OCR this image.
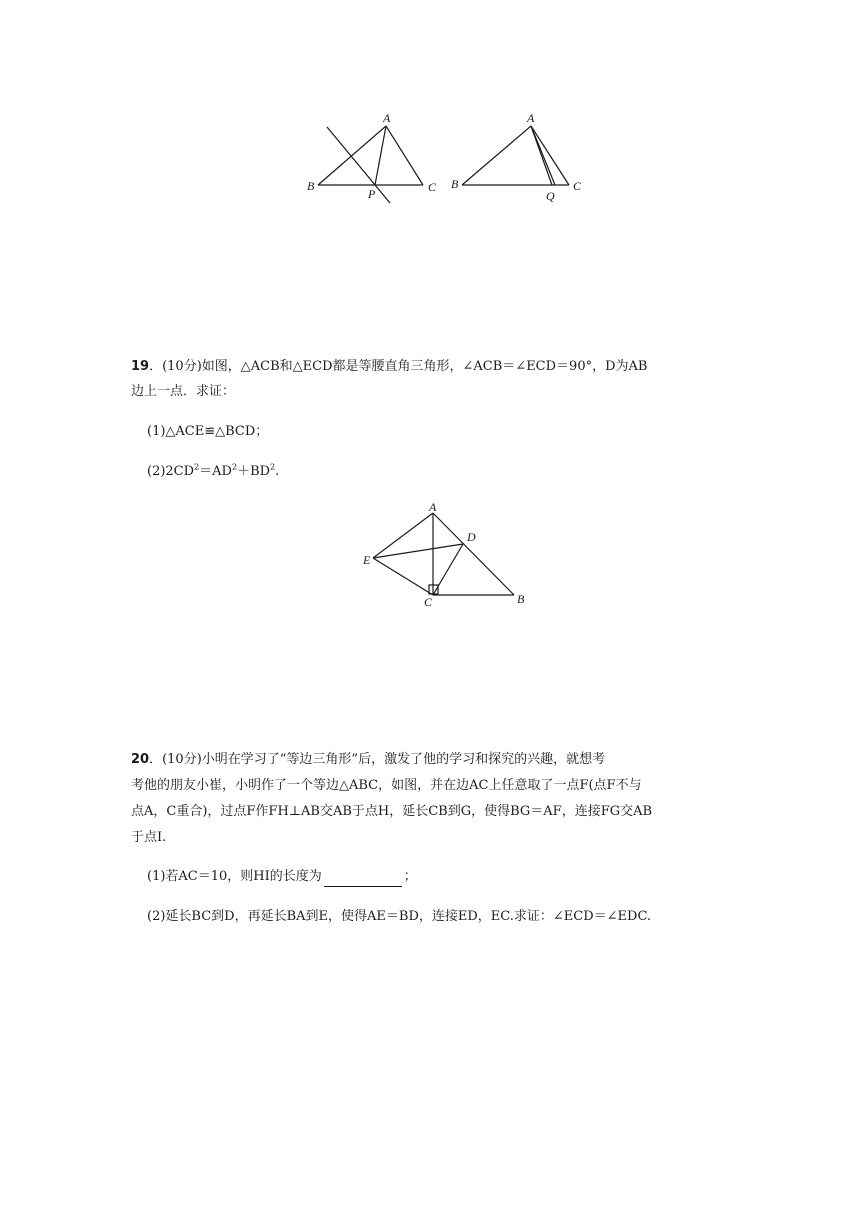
A
B	C
P
A
B	C
Q
19．(10分)如图，△ACB和△ECD都是等腰直角三角形，∠ACB＝∠ECD＝90°，D为AB
边上一点．求证：
(1)△ACE≌△BCD；
$(2)2CD^2=AD^2+BD^2$.
A
D
E
C	B
20．(10分)小明在学习了“等边三角形”后，激发了他的学习和探究的兴趣，就想考
考他的朋友小崔，小明作了一个等边△ABC，如图，并在边AC上任意取了一点F(点F不与
点A，C重合)，过点F作FH⊥AB交AB于点H，延长CB到G，使得BG＝AF，连接FG交AB
于点I.
(1)若AC＝10，则HI的长度为	；
(2)延长BC到D，再延长BA到E，使得AE＝BD，连接ED，EC.求证：∠ECD＝∠EDC.
